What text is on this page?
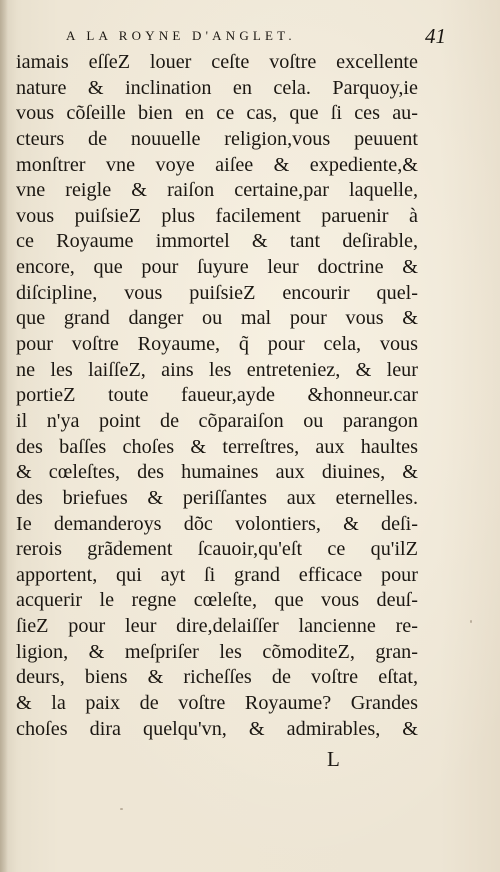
A LA ROYNE D'ANGLET.	41
iamais eſſeZ louer ceſte voſtre excellente
nature & inclination en cela. Parquoy,ie
vous cõſeille bien en ce cas, que ſi ces au-
cteurs de nouuelle religion,vous peuuent
monſtrer vne voye aiſee & expediente,&
vne reigle & raiſon certaine,par laquelle,
vous puiſsieZ plus facilement paruenir à
ce Royaume immortel & tant deſirable,
encore, que pour ſuyure leur doctrine &
diſcipline, vous puiſsieZ encourir quel-
que grand danger ou mal pour vous &
pour voſtre Royaume, q̃ pour cela, vous
ne les laiſſeZ, ains les entreteniez, & leur
portieZ toute faueur,ayde &honneur.car
il n'ya point de cõparaiſon ou parangon
des baſſes choſes & terreſtres, aux haultes
& cœleſtes, des humaines aux diuines, &
des briefues & periſſantes aux eternelles.
Ie demanderoys dõc volontiers, & deſi-
rerois grãdement ſcauoir,qu'eſt ce qu'ilZ
apportent, qui ayt ſi grand efficace pour
acquerir le regne cœleſte, que vous deuſ-
ſieZ pour leur dire,delaiſſer lancienne re-
ligion, & meſpriſer les cõmoditeZ, gran-
deurs, biens & richeſſes de voſtre eſtat,
& la paix de voſtre Royaume? Grandes
choſes dira quelqu'vn, & admirables, &
L
